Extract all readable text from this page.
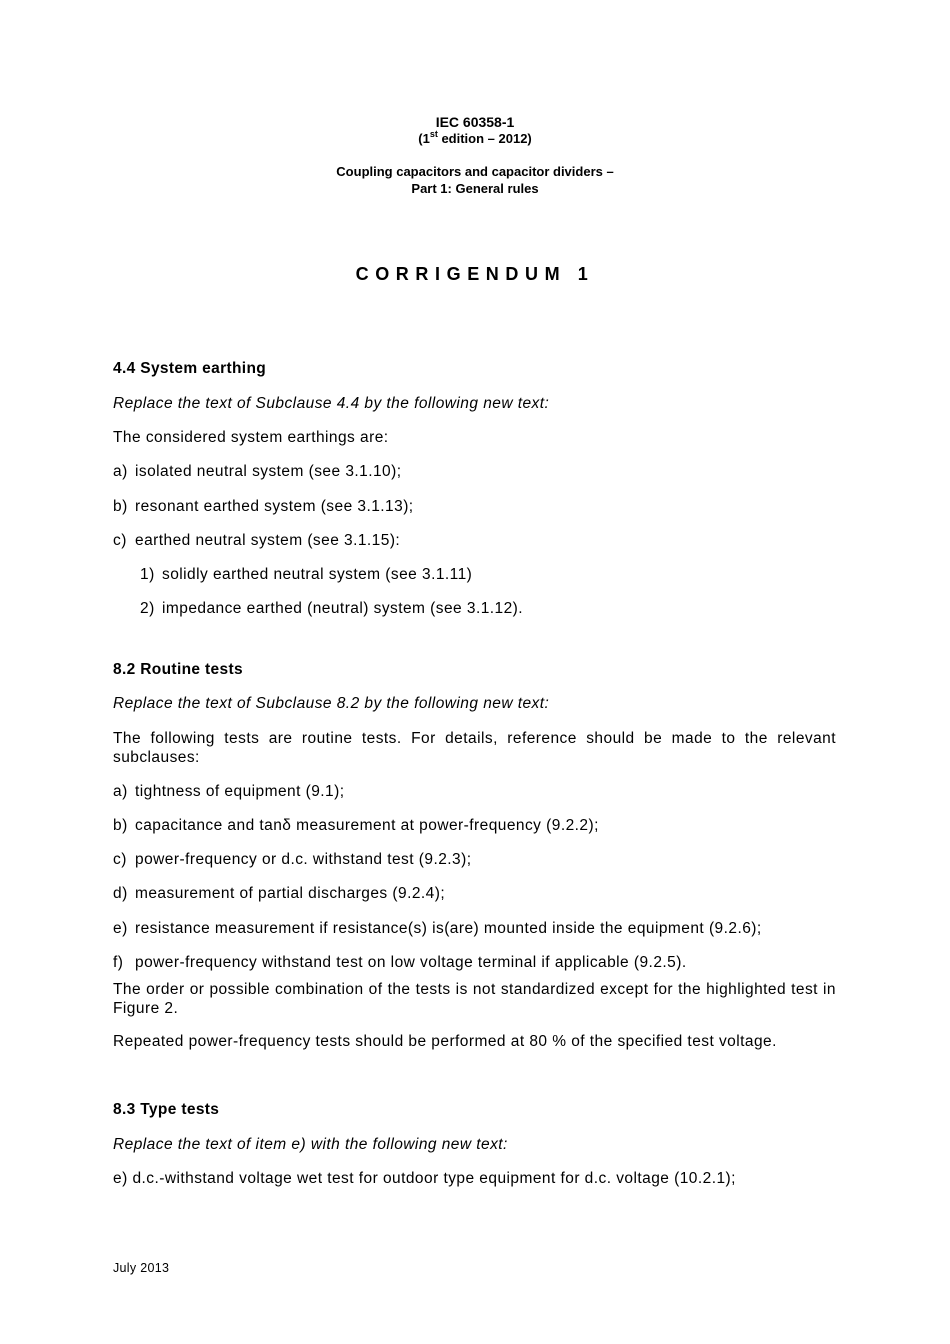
IEC 60358-1
(1st edition – 2012)
Coupling capacitors and capacitor dividers –
Part 1: General rules
CORRIGENDUM 1
4.4 System earthing
Replace the text of Subclause 4.4 by the following new text:
The considered system earthings are:
a) isolated neutral system (see 3.1.10);
b) resonant earthed system (see 3.1.13);
c) earthed neutral system (see 3.1.15):
1) solidly earthed neutral system (see 3.1.11)
2) impedance earthed (neutral) system (see 3.1.12).
8.2 Routine tests
Replace the text of Subclause 8.2 by the following new text:
The following tests are routine tests. For details, reference should be made to the relevant subclauses:
a) tightness of equipment (9.1);
b) capacitance and tanδ measurement at power-frequency (9.2.2);
c) power-frequency or d.c. withstand test (9.2.3);
d) measurement of partial discharges (9.2.4);
e) resistance measurement if resistance(s) is(are) mounted inside the equipment (9.2.6);
f) power-frequency withstand test on low voltage terminal if applicable (9.2.5).
The order or possible combination of the tests is not standardized except for the highlighted test in Figure 2.
Repeated power-frequency tests should be performed at 80 % of the specified test voltage.
8.3 Type tests
Replace the text of item e) with the following new text:
e) d.c.-withstand voltage wet test for outdoor type equipment for d.c. voltage (10.2.1);
July 2013
